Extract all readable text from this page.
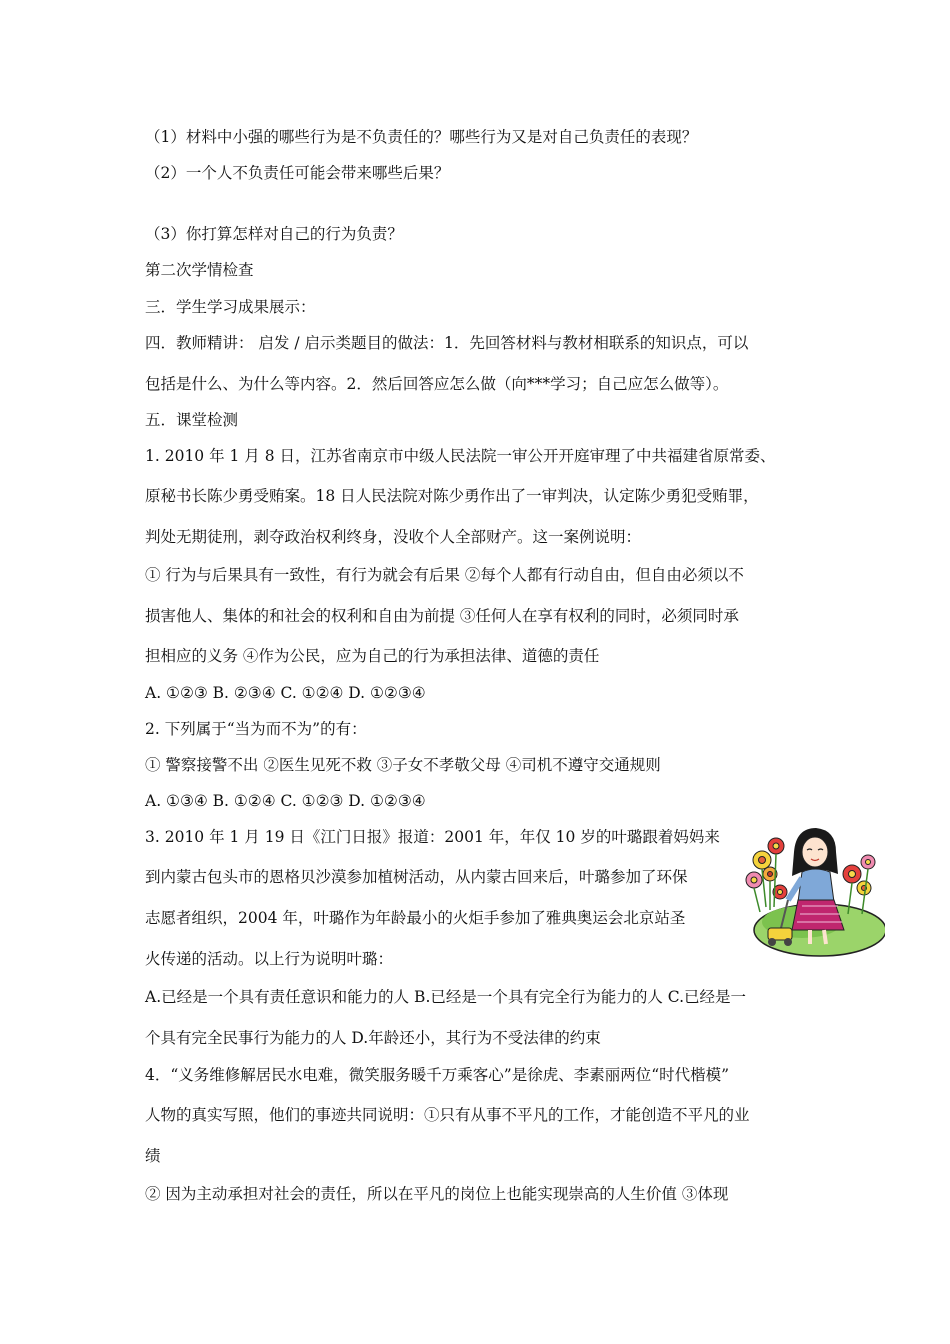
（1）材料中小强的哪些行为是不负责任的？哪些行为又是对自己负责任的表现？
（2）一个人不负责任可能会带来哪些后果？
（3）你打算怎样对自己的行为负责？
第二次学情检查
三．学生学习成果展示：
四．教师精讲： 启发 / 启示类题目的做法：1．先回答材料与教材相联系的知识点，可以
包括是什么、为什么等内容。2．然后回答应怎么做（向***学习；自己应怎么做等）。
五．课堂检测
1. 2010 年 1 月 8 日，江苏省南京市中级人民法院一审公开开庭审理了中共福建省原常委、
原秘书长陈少勇受贿案。18 日人民法院对陈少勇作出了一审判决，认定陈少勇犯受贿罪，
判处无期徒刑，剥夺政治权利终身，没收个人全部财产。这一案例说明：
① 行为与后果具有一致性，有行为就会有后果 ②每个人都有行动自由，但自由必须以不
损害他人、集体的和社会的权利和自由为前提 ③任何人在享有权利的同时，必须同时承
担相应的义务 ④作为公民，应为自己的行为承担法律、道德的责任
A. ①②③ B. ②③④ C. ①②④ D. ①②③④
2. 下列属于“当为而不为”的有：
① 警察接警不出 ②医生见死不救 ③子女不孝敬父母 ④司机不遵守交通规则
A. ①③④ B. ①②④ C. ①②③ D. ①②③④
3. 2010 年 1 月 19 日《江门日报》报道：2001 年，年仅 10 岁的叶璐跟着妈妈来
到内蒙古包头市的恩格贝沙漠参加植树活动，从内蒙古回来后，叶璐参加了环保
志愿者组织，2004 年，叶璐作为年龄最小的火炬手参加了雅典奥运会北京站圣
火传递的活动。以上行为说明叶璐：
A.已经是一个具有责任意识和能力的人 B.已经是一个具有完全行为能力的人 C.已经是一
个具有完全民事行为能力的人 D.年龄还小，其行为不受法律的约束
4．“义务维修解居民水电难，微笑服务暖千万乘客心”是徐虎、李素丽两位“时代楷模”
人物的真实写照，他们的事迹共同说明：①只有从事不平凡的工作，才能创造不平凡的业
绩
② 因为主动承担对社会的责任，所以在平凡的岗位上也能实现崇高的人生价值 ③体现
